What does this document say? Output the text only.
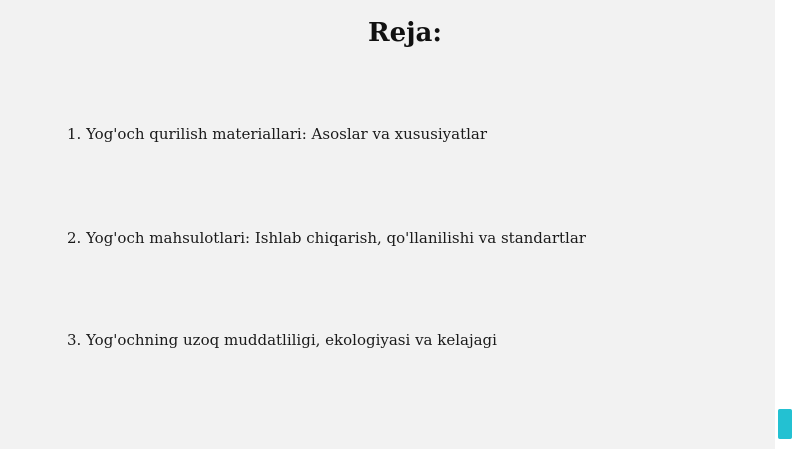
Reja:
1. Yog'och qurilish materiallari: Asoslar va xususiyatlar
2. Yog'och mahsulotlari: Ishlab chiqarish, qo'llanilishi va standartlar
3. Yog'ochning uzoq muddatliligi, ekologiyasi va kelajagi
